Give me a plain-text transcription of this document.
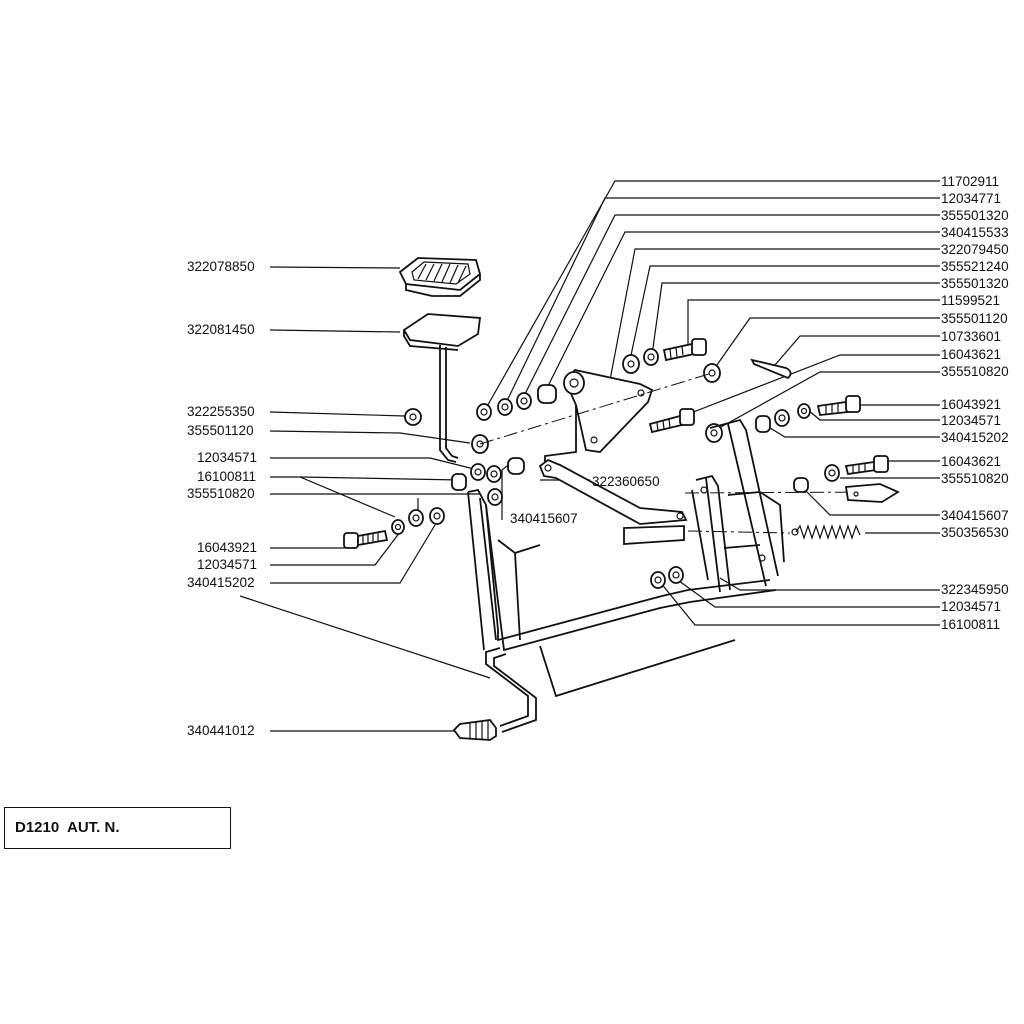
11702911
12034771
355501320
340415533
322079450
355521240
355501320
11599521
355501120
10733601
16043621
355510820
16043921
12034571
340415202
16043621
355510820
340415607
350356530
322345950
12034571
16100811
322078850
322081450
322255350
355501120
12034571
16100811
355510820
16043921
12034571
340415202
340441012
322360650
340415607
D1210  AUT. N.
